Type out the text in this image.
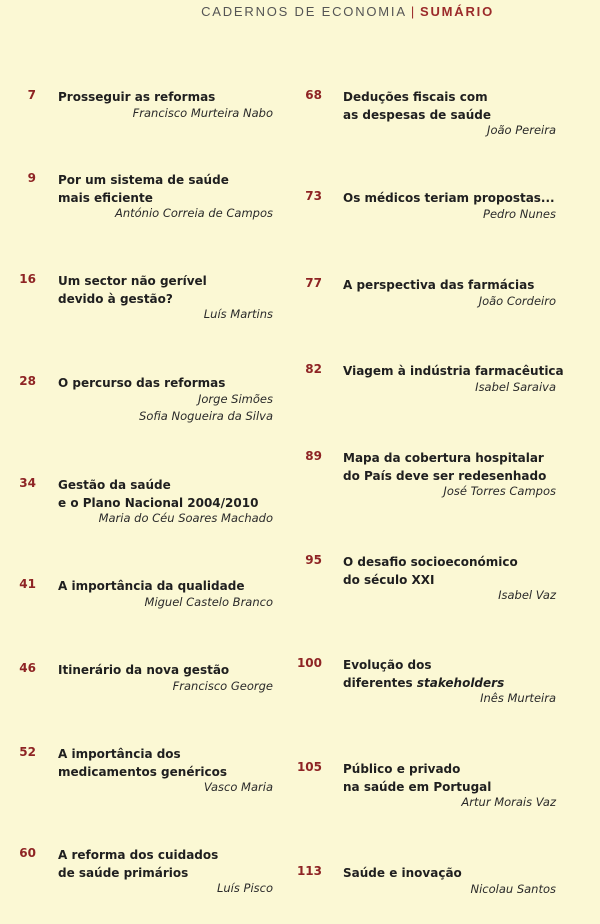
CADERNOS DE ECONOMIA | SUMÁRIO
7 Prosseguir as reformas
Francisco Murteira Nabo
9 Por um sistema de saúde
mais eficiente
António Correia de Campos
16 Um sector não gerível
devido à gestão?
Luís Martins
28 O percurso das reformas
Jorge Simões
Sofia Nogueira da Silva
34 Gestão da saúde
e o Plano Nacional 2004/2010
Maria do Céu Soares Machado
41 A importância da qualidade
Miguel Castelo Branco
46 Itinerário da nova gestão
Francisco George
52 A importância dos
medicamentos genéricos
Vasco Maria
60 A reforma dos cuidados
de saúde primários
Luís Pisco
68 Deduções fiscais com
as despesas de saúde
João Pereira
73 Os médicos teriam propostas...
Pedro Nunes
77 A perspectiva das farmácias
João Cordeiro
82 Viagem à indústria farmacêutica
Isabel Saraiva
89 Mapa da cobertura hospitalar
do País deve ser redesenhado
José Torres Campos
95 O desafio socioeconómico
do século XXI
Isabel Vaz
100 Evolução dos
diferentes stakeholders
Inês Murteira
105 Público e privado
na saúde em Portugal
Artur Morais Vaz
113 Saúde e inovação
Nicolau Santos
